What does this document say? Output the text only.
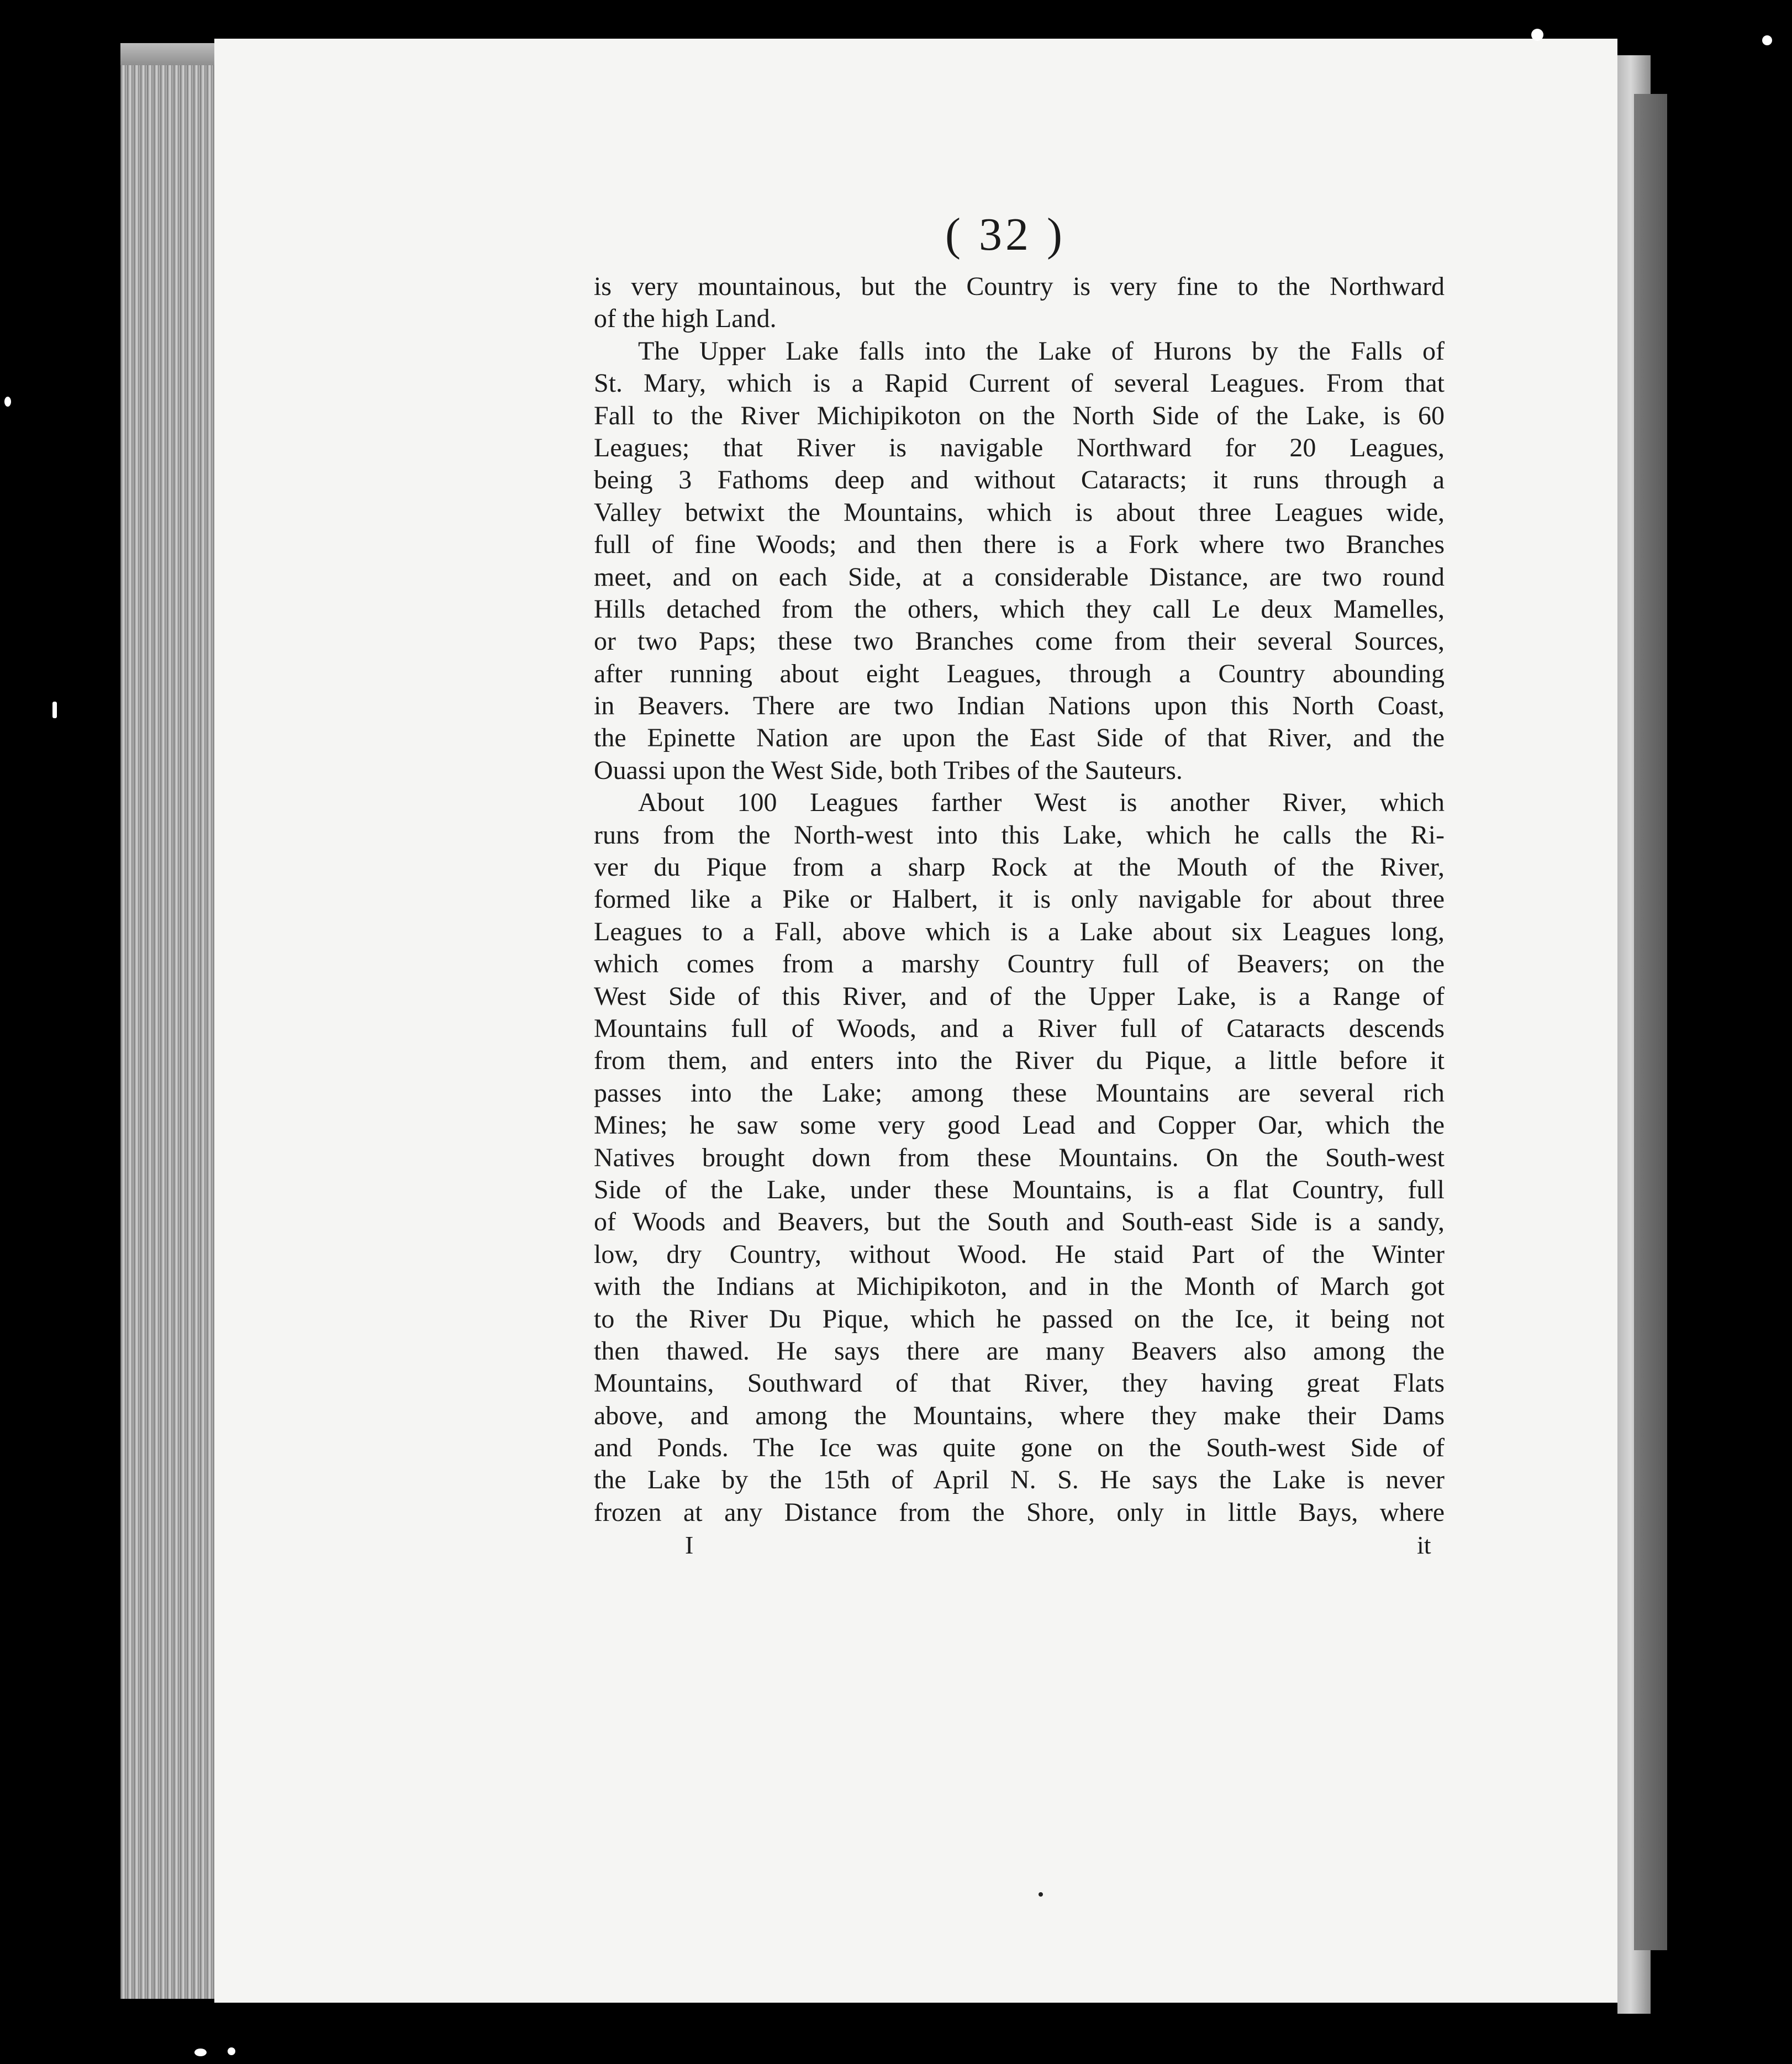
( 32 )
is very mountainous, but the Country is very fine to the Northward
of the high Land.
The Upper Lake falls into the Lake of Hurons by the Falls of
St. Mary, which is a Rapid Current of several Leagues. From that
Fall to the River Michipikoton on the North Side of the Lake, is 60
Leagues; that River is navigable Northward for 20 Leagues,
being 3 Fathoms deep and without Cataracts; it runs through a
Valley betwixt the Mountains, which is about three Leagues wide,
full of fine Woods; and then there is a Fork where two Branches
meet, and on each Side, at a considerable Distance, are two round
Hills detached from the others, which they call Le deux Mamelles,
or two Paps; these two Branches come from their several Sources,
after running about eight Leagues, through a Country abounding
in Beavers. There are two Indian Nations upon this North Coast,
the Epinette Nation are upon the East Side of that River, and the
Ouassi upon the West Side, both Tribes of the Sauteurs.
About 100 Leagues farther West is another River, which
runs from the North-west into this Lake, which he calls the Ri-
ver du Pique from a sharp Rock at the Mouth of the River,
formed like a Pike or Halbert, it is only navigable for about three
Leagues to a Fall, above which is a Lake about six Leagues long,
which comes from a marshy Country full of Beavers; on the
West Side of this River, and of the Upper Lake, is a Range of
Mountains full of Woods, and a River full of Cataracts descends
from them, and enters into the River du Pique, a little before it
passes into the Lake; among these Mountains are several rich
Mines; he saw some very good Lead and Copper Oar, which the
Natives brought down from these Mountains. On the South-west
Side of the Lake, under these Mountains, is a flat Country, full
of Woods and Beavers, but the South and South-east Side is a sandy,
low, dry Country, without Wood. He staid Part of the Winter
with the Indians at Michipikoton, and in the Month of March got
to the River Du Pique, which he passed on the Ice, it being not
then thawed. He says there are many Beavers also among the
Mountains, Southward of that River, they having great Flats
above, and among the Mountains, where they make their Dams
and Ponds. The Ice was quite gone on the South-west Side of
the Lake by the 15th of April N. S. He says the Lake is never
frozen at any Distance from the Shore, only in little Bays, where
I	it
